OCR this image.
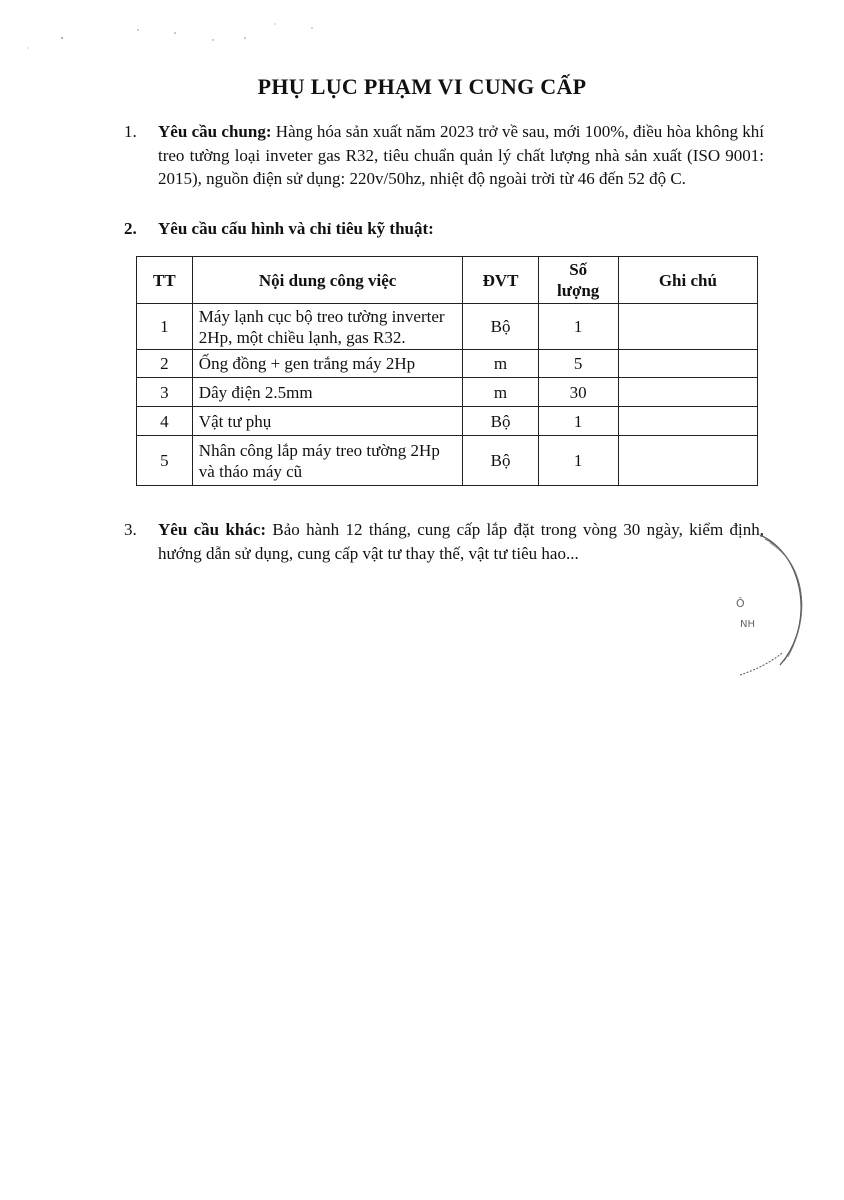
PHỤ LỤC PHẠM VI CUNG CẤP
1. Yêu cầu chung: Hàng hóa sản xuất năm 2023 trở về sau, mới 100%, điều hòa không khí treo tường loại inveter gas R32, tiêu chuẩn quản lý chất lượng nhà sản xuất (ISO 9001: 2015), nguồn điện sử dụng: 220v/50hz, nhiệt độ ngoài trời từ 46 đến 52 độ C.
2. Yêu cầu cấu hình và chỉ tiêu kỹ thuật:
TT	Nội dung công việc	ĐVT	Số lượng	Ghi chú
1	Máy lạnh cục bộ treo tường inverter 2Hp, một chiều lạnh, gas R32.	Bộ	1	
2	Ống đồng + gen trắng máy 2Hp	m	5	
3	Dây điện 2.5mm	m	30	
4	Vật tư phụ	Bộ	1	
5	Nhân công lắp máy treo tường 2Hp và tháo máy cũ	Bộ	1	
3. Yêu cầu khác: Bảo hành 12 tháng, cung cấp lắp đặt trong vòng 30 ngày, kiểm định, hướng dẫn sử dụng, cung cấp vật tư thay thế, vật tư tiêu hao...
Ô
NH
